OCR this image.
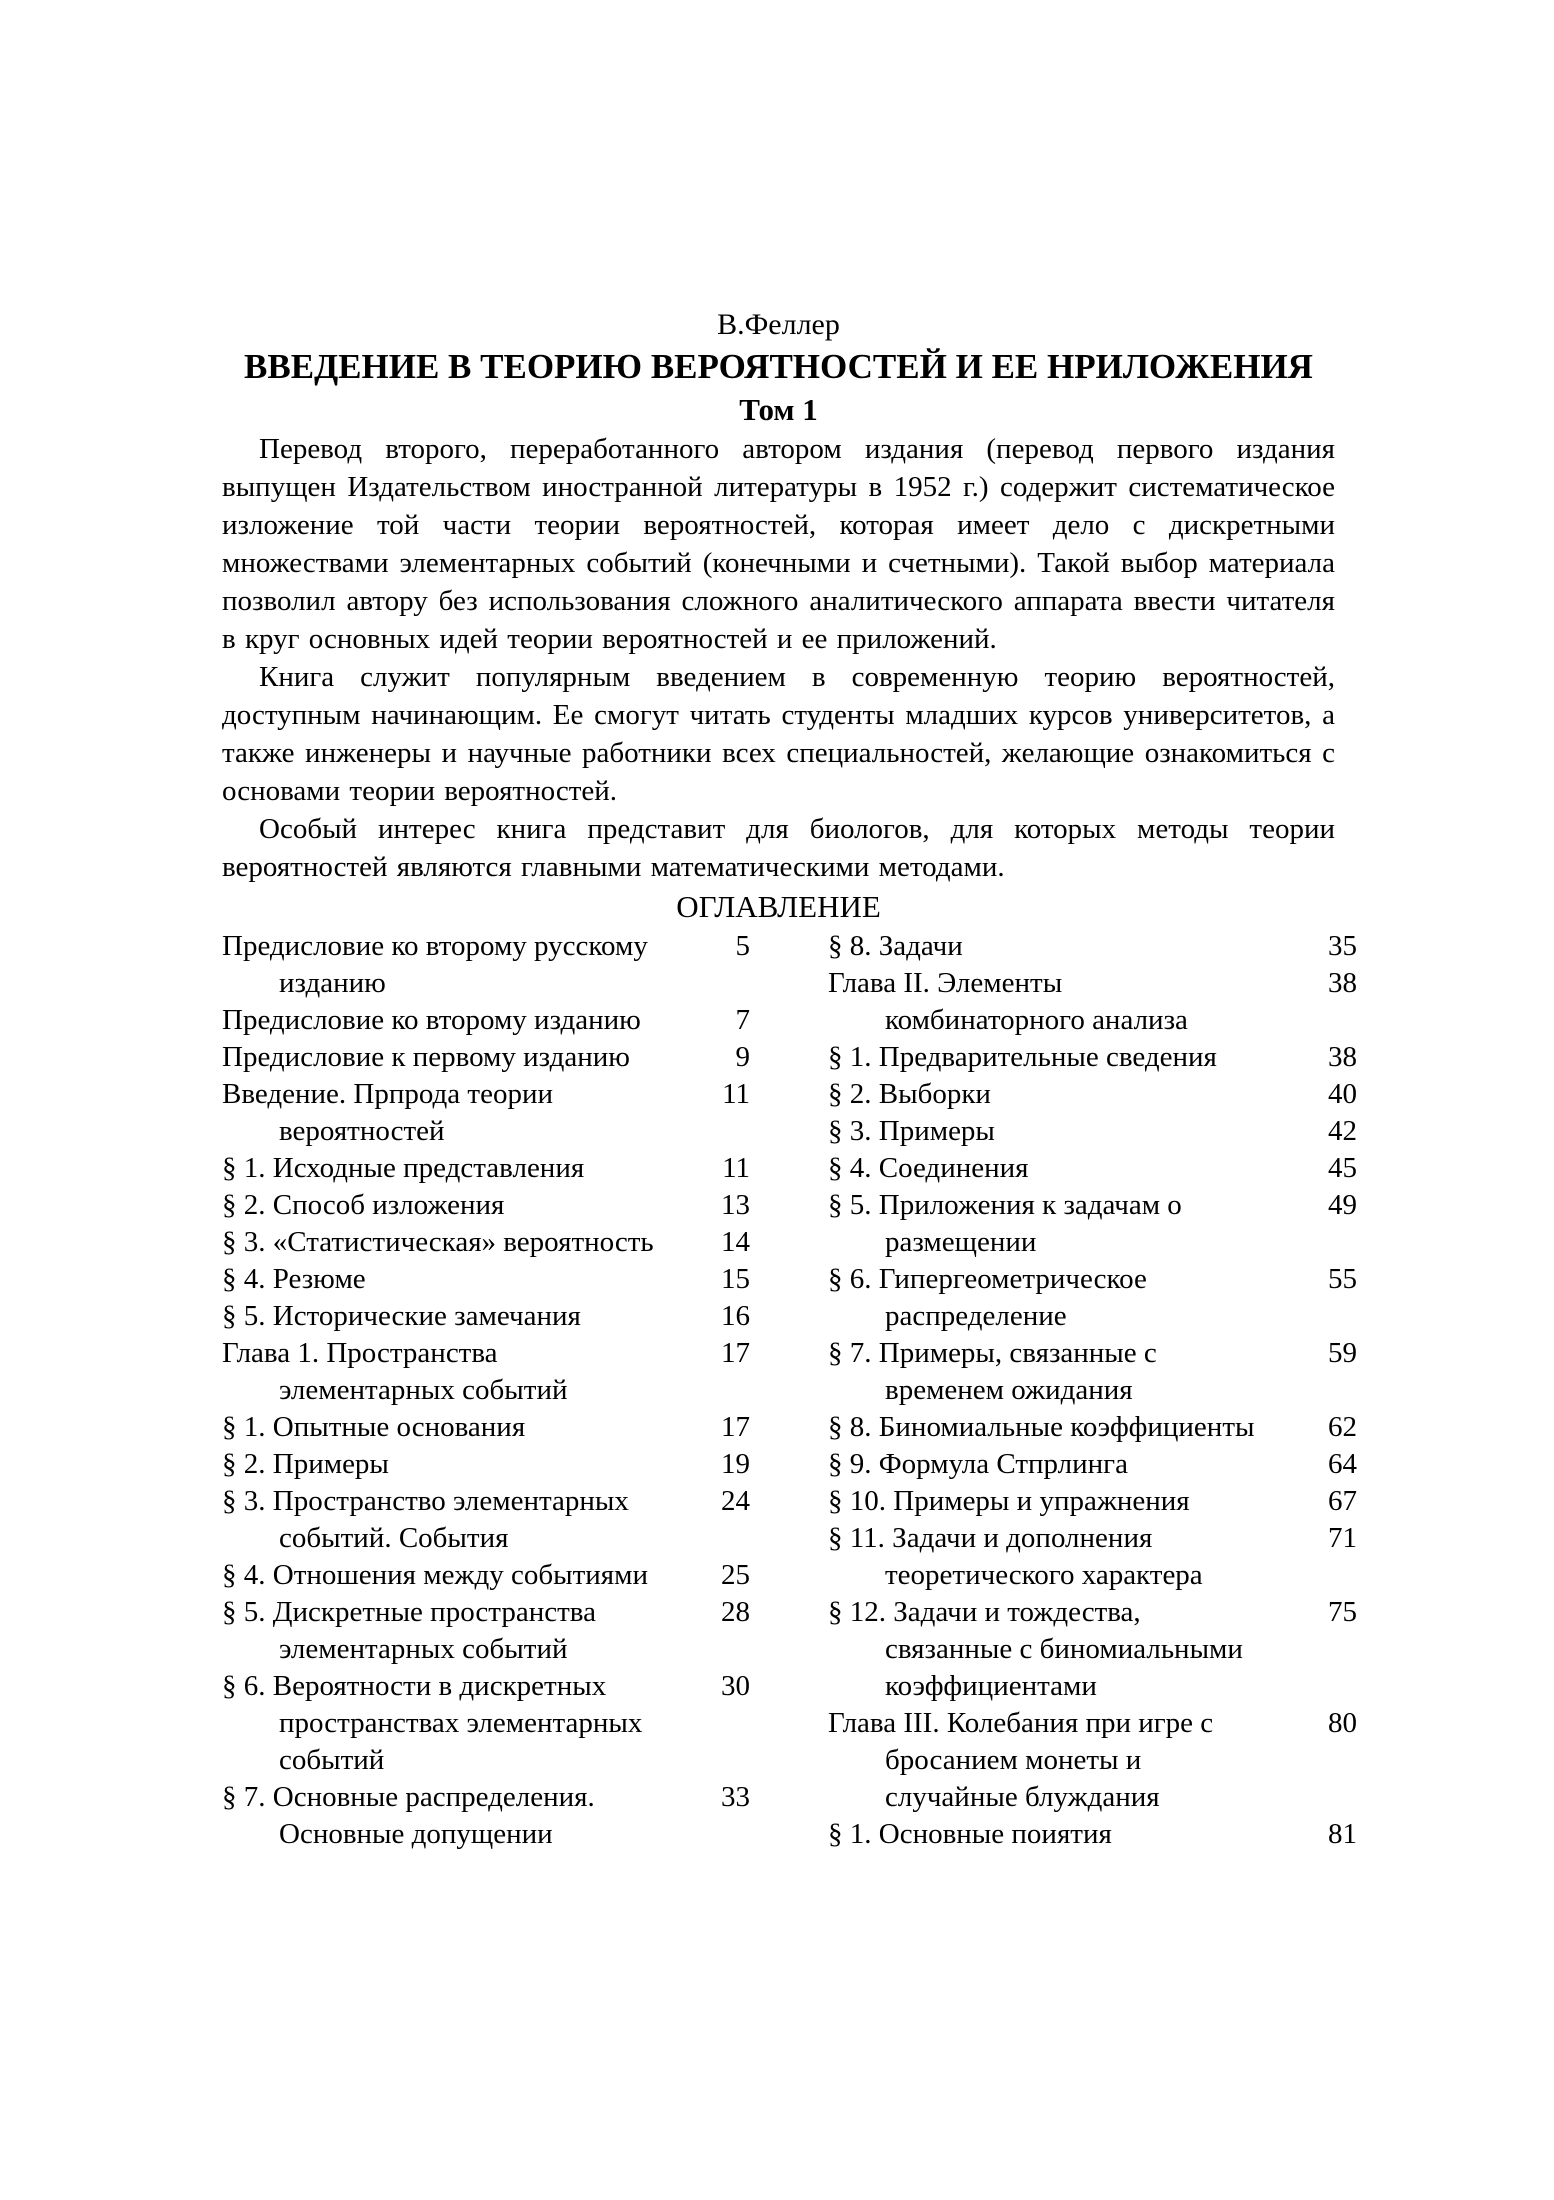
В.Феллер
ВВЕДЕНИЕ В ТЕОРИЮ ВЕРОЯТНОСТЕЙ И ЕЕ НРИЛОЖЕНИЯ
Том 1

Перевод второго, переработанного автором издания (перевод первого издания выпущен Издательством иностранной литературы в 1952 г.) содержит систематическое изложение той части теории вероятностей, которая имеет дело с дискретными множествами элементарных событий (конечными и счетными). Такой выбор материала позволил автору без использования сложного аналитического аппарата ввести читателя в круг основных идей теории вероятностей и ее приложений.

Книга служит популярным введением в современную теорию вероятностей, доступным начинающим. Ее смогут читать студенты младших курсов университетов, а также инженеры и научные работники всех специальностей, желающие ознакомиться с основами теории вероятностей.

Особый интерес книга представит для биологов, для которых методы теории вероятностей являются главными математическими методами.

ОГЛАВЛЕНИЕ
Предисловие ко второму русскому	5
изданию
Предисловие ко второму изданию	7
Предисловие к первому изданию	9
Введение. Прпрода теории	11
вероятностей
§ 1. Исходные представления	11
§ 2. Способ изложения	13
§ 3. «Статистическая» вероятность 14
§ 4. Резюме	15
§ 5. Исторические замечания	16
Глава 1. Пространства	17
элементарных событий
§ 1. Опытные основания	17
§ 2. Примеры	19
§ 3. Пространство элементарных	24
событий. События
§ 4. Отношения между событиями	25
§ 5. Дискретные пространства	28
элементарных событий
§ 6. Вероятности в дискретных	30
пространствах элементарных
событий
§ 7. Основные распределения.	33
Основные допущении
§ 8. Задачи	35
Глава II. Элементы	38
комбинаторного анализа
§ 1. Предварительные сведения	38
§ 2. Выборки	40
§ 3. Примеры	42
§ 4. Соединения	45
§ 5. Приложения к задачам о	49
размещении
§ 6. Гипергеометрическое	55
распределение
§ 7. Примеры, связанные с	59
временем ожидания
§ 8. Биномиальные коэффициенты	62
§ 9. Формула Стпрлинга	64
§ 10. Примеры и упражнения	67
§ 11. Задачи и дополнения	71
теоретического характера
§ 12. Задачи и тождества,	75
связанные с биномиальными
коэффициентами
Глава III. Колебания при игре с	80
бросанием монеты и
случайные блуждания
§ 1. Основные поиятия	81
